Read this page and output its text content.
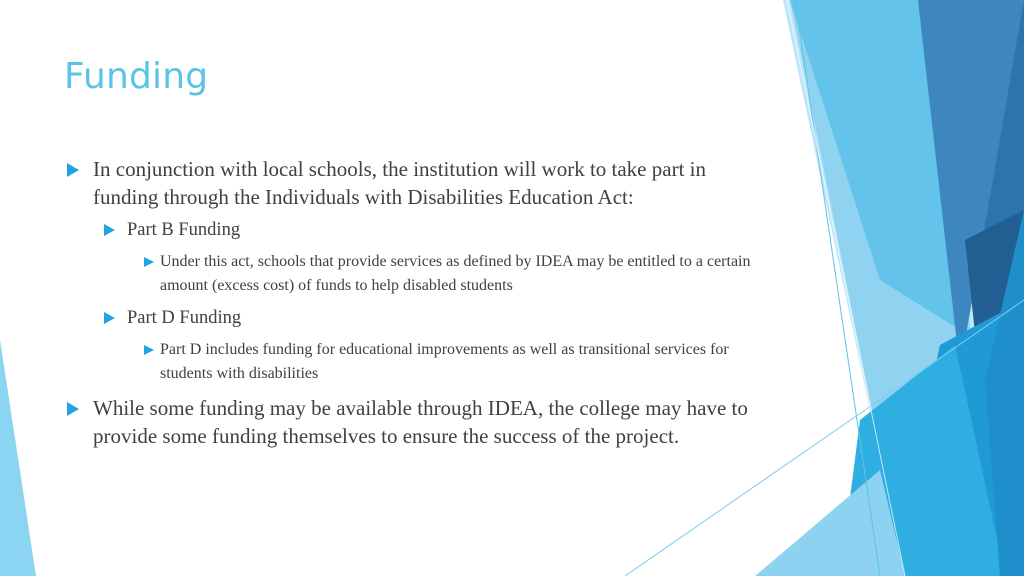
Funding
In conjunction with local schools, the institution will work to take part in funding through the Individuals with Disabilities Education Act:
Part B Funding
Under this act, schools that provide services as defined by IDEA may be entitled to a certain amount (excess cost) of funds to help disabled students
Part D Funding
Part D includes funding for educational improvements as well as transitional services for students with disabilities
While some funding may be available through IDEA, the college may have to provide some funding themselves to ensure the success of the project.
